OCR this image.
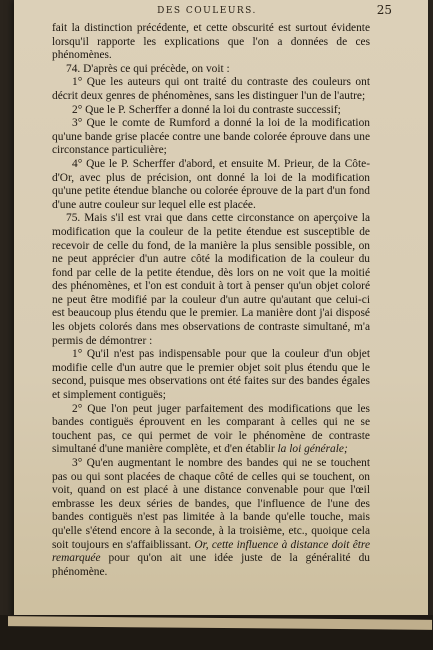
DES COULEURS.	25

fait la distinction précédente, et cette obscurité est surtout évidente lorsqu'il rapporte les explications que l'on a données de ces phénomènes.

74. D'après ce qui précède, on voit :

1° Que les auteurs qui ont traité du contraste des couleurs ont décrit deux genres de phénomènes, sans les distinguer l'un de l'autre;

2° Que le P. Scherffer a donné la loi du contraste successif;

3° Que le comte de Rumford a donné la loi de la modification qu'une bande grise placée contre une bande colorée éprouve dans une circonstance particulière;

4° Que le P. Scherffer d'abord, et ensuite M. Prieur, de la Côte-d'Or, avec plus de précision, ont donné la loi de la modification qu'une petite étendue blanche ou colorée éprouve de la part d'un fond d'une autre couleur sur lequel elle est placée.

75. Mais s'il est vrai que dans cette circonstance on aperçoive la modification que la couleur de la petite étendue est susceptible de recevoir de celle du fond, de la manière la plus sensible possible, on ne peut apprécier d'un autre côté la modification de la couleur du fond par celle de la petite étendue, dès lors on ne voit que la moitié des phénomènes, et l'on est conduit à tort à penser qu'un objet coloré ne peut être modifié par la couleur d'un autre qu'autant que celui-ci est beaucoup plus étendu que le premier. La manière dont j'ai disposé les objets colorés dans mes observations de contraste simultané, m'a permis de démontrer :

1° Qu'il n'est pas indispensable pour que la couleur d'un objet modifie celle d'un autre que le premier objet soit plus étendu que le second, puisque mes observations ont été faites sur des bandes égales et simplement contiguës;

2° Que l'on peut juger parfaitement des modifications que les bandes contiguës éprouvent en les comparant à celles qui ne se touchent pas, ce qui permet de voir le phénomène de contraste simultané d'une manière complète, et d'en établir la loi générale;

3° Qu'en augmentant le nombre des bandes qui ne se touchent pas ou qui sont placées de chaque côté de celles qui se touchent, on voit, quand on est placé à une distance convenable pour que l'œil embrasse les deux séries de bandes, que l'influence de l'une des bandes contiguës n'est pas limitée à la bande qu'elle touche, mais qu'elle s'étend encore à la seconde, à la troisième, etc., quoique cela soit toujours en s'affaiblissant. Or, cette influence à distance doit être remarquée pour qu'on ait une idée juste de la généralité du phénomène.
